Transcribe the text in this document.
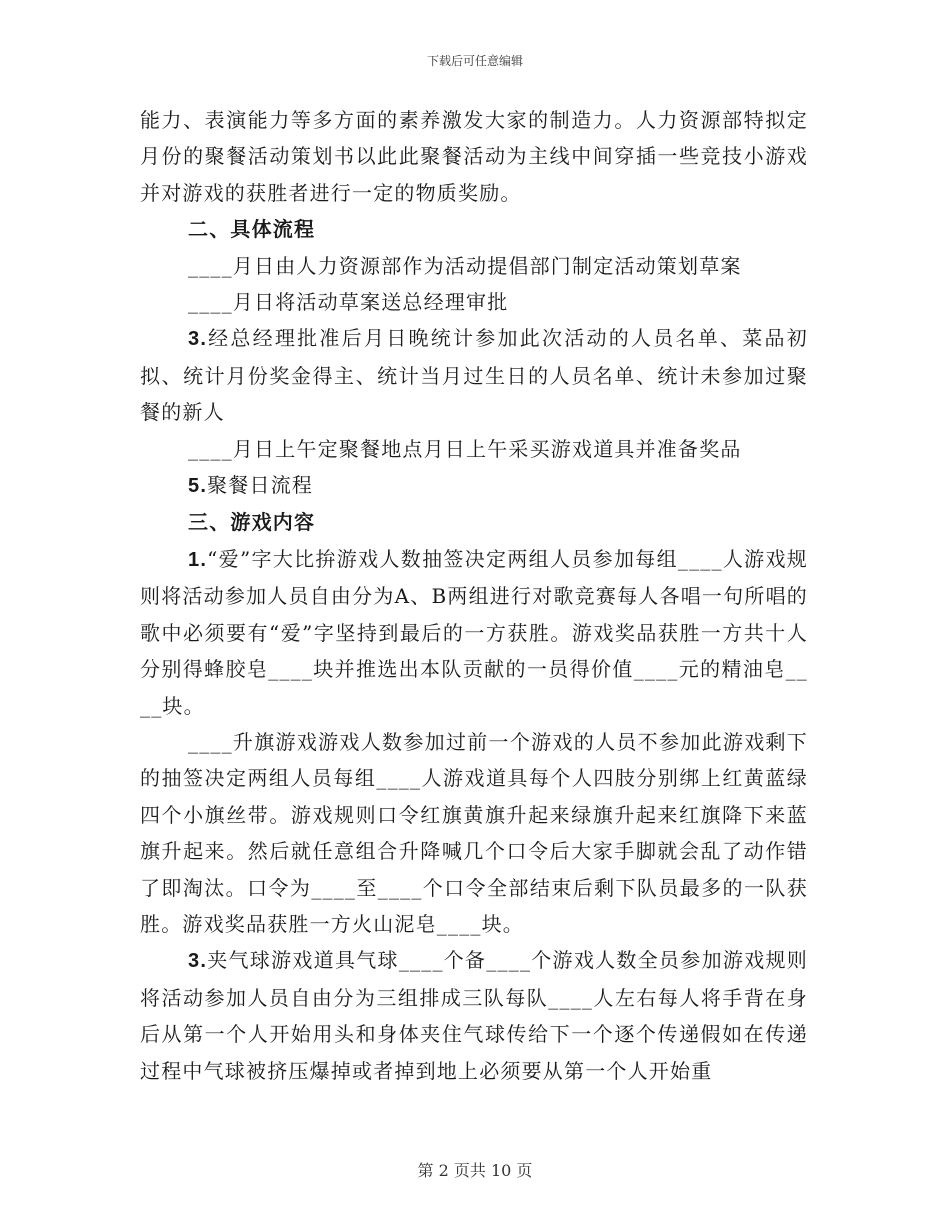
下载后可任意编辑

能力、表演能力等多方面的素养激发大家的制造力。人力资源部特拟定月份的聚餐活动策划书以此此聚餐活动为主线中间穿插一些竞技小游戏并对游戏的获胜者进行一定的物质奖励。

二、具体流程

____月日由人力资源部作为活动提倡部门制定活动策划草案

____月日将活动草案送总经理审批

3.经总经理批准后月日晚统计参加此次活动的人员名单、菜品初拟、统计月份奖金得主、统计当月过生日的人员名单、统计未参加过聚餐的新人

____月日上午定聚餐地点月日上午采买游戏道具并准备奖品

5.聚餐日流程

三、游戏内容

1.“爱”字大比拚游戏人数抽签决定两组人员参加每组____人游戏规则将活动参加人员自由分为A、B两组进行对歌竞赛每人各唱一句所唱的歌中必须要有“爱”字坚持到最后的一方获胜。游戏奖品获胜一方共十人分别得蜂胶皂____块并推选出本队贡献的一员得价值____元的精油皂____块。

____升旗游戏游戏人数参加过前一个游戏的人员不参加此游戏剩下的抽签决定两组人员每组____人游戏道具每个人四肢分别绑上红黄蓝绿四个小旗丝带。游戏规则口令红旗黄旗升起来绿旗升起来红旗降下来蓝旗升起来。然后就任意组合升降喊几个口令后大家手脚就会乱了动作错了即淘汰。口令为____至____个口令全部结束后剩下队员最多的一队获胜。游戏奖品获胜一方火山泥皂____块。

3.夹气球游戏道具气球____个备____个游戏人数全员参加游戏规则将活动参加人员自由分为三组排成三队每队____人左右每人将手背在身后从第一个人开始用头和身体夹住气球传给下一个逐个传递假如在传递过程中气球被挤压爆掉或者掉到地上必须要从第一个人开始重

第 2 页共 10 页
